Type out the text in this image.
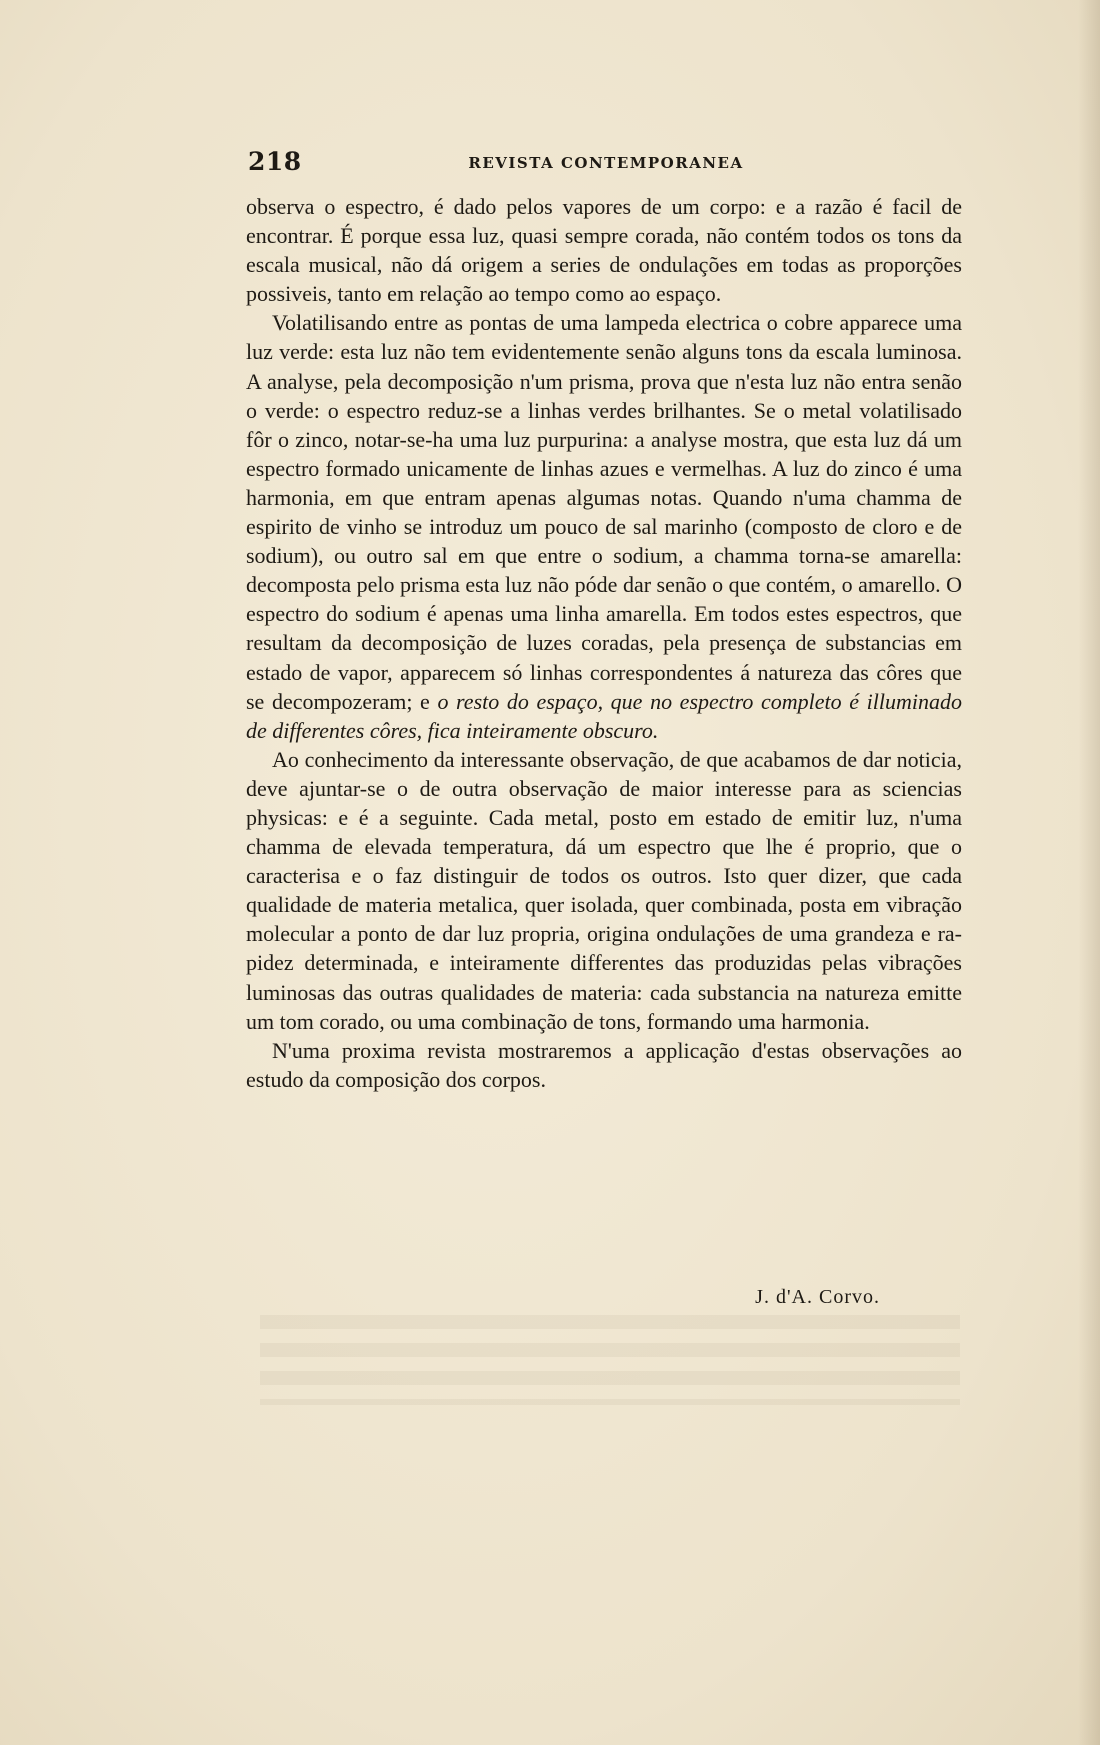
218	REVISTA CONTEMPORANEA

observa o espectro, é dado pelos vapores de um corpo: e a razão é facil de encontrar. É porque essa luz, quasi sempre corada, não contém todos os tons da escala musical, não dá origem a series de ondulações em todas as proporções possiveis, tanto em relação ao tempo como ao espaço.

Volatilisando entre as pontas de uma lampeda electrica o cobre apparece uma luz verde: esta luz não tem evidentemente senão alguns tons da escala luminosa. A analyse, pela decomposição n'um prisma, prova que n'esta luz não entra senão o verde: o espectro reduz-se a linhas verdes brilhantes. Se o metal volatilisado fôr o zinco, notar-se-ha uma luz purpurina: a analyse mostra, que esta luz dá um espectro formado unicamente de linhas azues e vermelhas. A luz do zinco é uma harmonia, em que entram apenas algumas notas. Quando n'uma chamma de espirito de vinho se introduz um pouco de sal marinho (composto de cloro e de sodium), ou outro sal em que entre o sodium, a chamma torna-se amarella: decomposta pelo prisma esta luz não póde dar senão o que contém, o amarello. O espectro do sodium é apenas uma linha amarella. Em todos estes espectros, que resultam da decomposição de luzes coradas, pela presença de substancias em estado de vapor, apparecem só linhas correspondentes á natureza das côres que se decompozeram; e o resto do espaço, que no espectro completo é illuminado de differentes côres, fica inteiramente obscuro.

Ao conhecimento da interessante observação, de que acabamos de dar noticia, deve ajuntar-se o de outra observação de maior interesse para as sciencias physicas: e é a seguinte. Cada metal, posto em estado de emitir luz, n'uma chamma de elevada temperatura, dá um espectro que lhe é proprio, que o caracterisa e o faz distinguir de todos os outros. Isto quer dizer, que cada qualidade de materia metalica, quer isolada, quer combinada, posta em vibração molecular a ponto de dar luz propria, origina ondulações de uma grandeza e rapidez determinada, e inteiramente differentes das produzidas pelas vibrações luminosas das outras qualidades de materia: cada substancia na natureza emitte um tom corado, ou uma combinação de tons, formando uma harmonia.

N'uma proxima revista mostraremos a applicação d'estas observações ao estudo da composição dos corpos.

J. d'A. Corvo.
